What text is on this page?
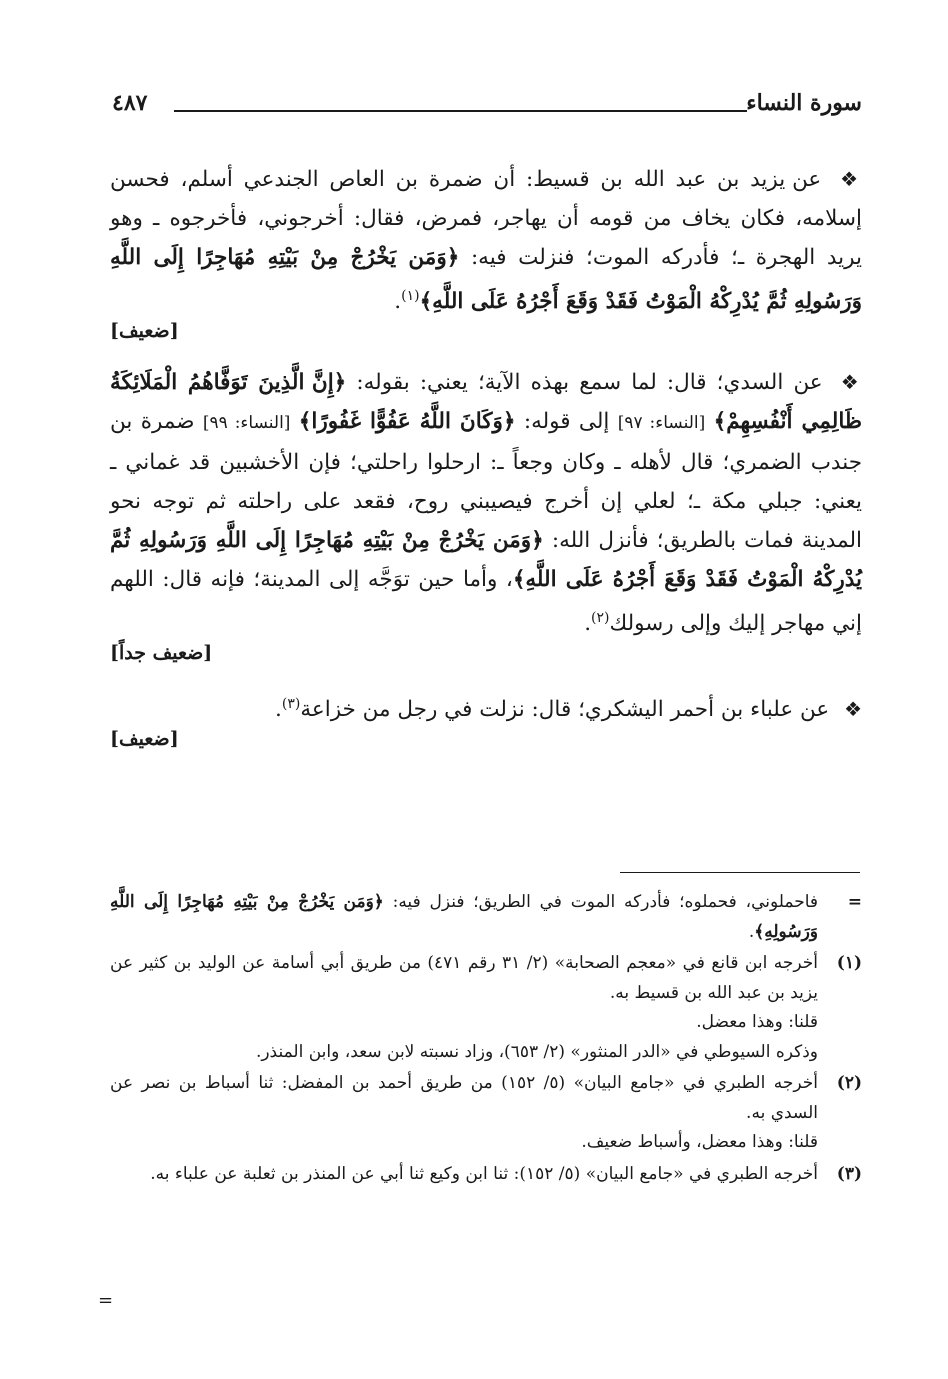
سورة النساء
٤٨٧
❖ عن يزيد بن عبد الله بن قسيط: أن ضمرة بن العاص الجندعي أسلم، فحسن إسلامه، فكان يخاف من قومه أن يهاجر، فمرض، فقال: أخرجوني، فأخرجوه ـ وهو يريد الهجرة ـ؛ فأدركه الموت؛ فنزلت فيه: ﴿وَمَن يَخْرُجْ مِنْ بَيْتِهِ مُهَاجِرًا إِلَى اللَّهِ وَرَسُولِهِ ثُمَّ يُدْرِكْهُ الْمَوْتُ فَقَدْ وَقَعَ أَجْرُهُ عَلَى اللَّهِ﴾$^{(١)}$.
[ضعيف]
❖ عن السدي؛ قال: لما سمع بهذه الآية؛ يعني: بقوله: ﴿إِنَّ الَّذِينَ تَوَفَّاهُمُ الْمَلَائِكَةُ ظَالِمِي أَنْفُسِهِمْ﴾ [النساء: ٩٧] إلى قوله: ﴿وَكَانَ اللَّهُ عَفُوًّا غَفُورًا﴾ [النساء: ٩٩] ضمرة بن جندب الضمري؛ قال لأهله ـ وكان وجعاً ـ: ارحلوا راحلتي؛ فإن الأخشبين قد غماني ـ يعني: جبلي مكة ـ؛ لعلي إن أخرج فيصيبني روح، فقعد على راحلته ثم توجه نحو المدينة فمات بالطريق؛ فأنزل الله: ﴿وَمَن يَخْرُجْ مِنْ بَيْتِهِ مُهَاجِرًا إِلَى اللَّهِ وَرَسُولِهِ ثُمَّ يُدْرِكْهُ الْمَوْتُ فَقَدْ وَقَعَ أَجْرُهُ عَلَى اللَّهِ﴾، وأما حين توَجَّه إلى المدينة؛ فإنه قال: اللهم إني مهاجر إليك وإلى رسولك$^{(٢)}$.
[ضعيف جداً]
❖ عن علباء بن أحمر اليشكري؛ قال: نزلت في رجل من خزاعة$^{(٣)}$.
[ضعيف]
=

فاحملوني، فحملوه؛ فأدركه الموت في الطريق؛ فنزل فيه: ﴿وَمَن يَخْرُجْ مِنْ بَيْتِهِ مُهَاجِرًا إِلَى اللَّهِ وَرَسُولِهِ﴾.

(١)

أخرجه ابن قانع في «معجم الصحابة» (٢/ ٣١ رقم ٤٧١) من طريق أبي أسامة عن الوليد بن كثير عن يزيد بن عبد الله بن قسيط به.

قلنا: وهذا معضل.

وذكره السيوطي في «الدر المنثور» (٢/ ٦٥٣)، وزاد نسبته لابن سعد، وابن المنذر.

(٢)

أخرجه الطبري في «جامع البيان» (٥/ ١٥٢) من طريق أحمد بن المفضل: ثنا أسباط بن نصر عن السدي به.

قلنا: وهذا معضل، وأسباط ضعيف.

(٣)

أخرجه الطبري في «جامع البيان» (٥/ ١٥٢): ثنا ابن وكيع ثنا أبي عن المنذر بن ثعلبة عن علباء به.

=
